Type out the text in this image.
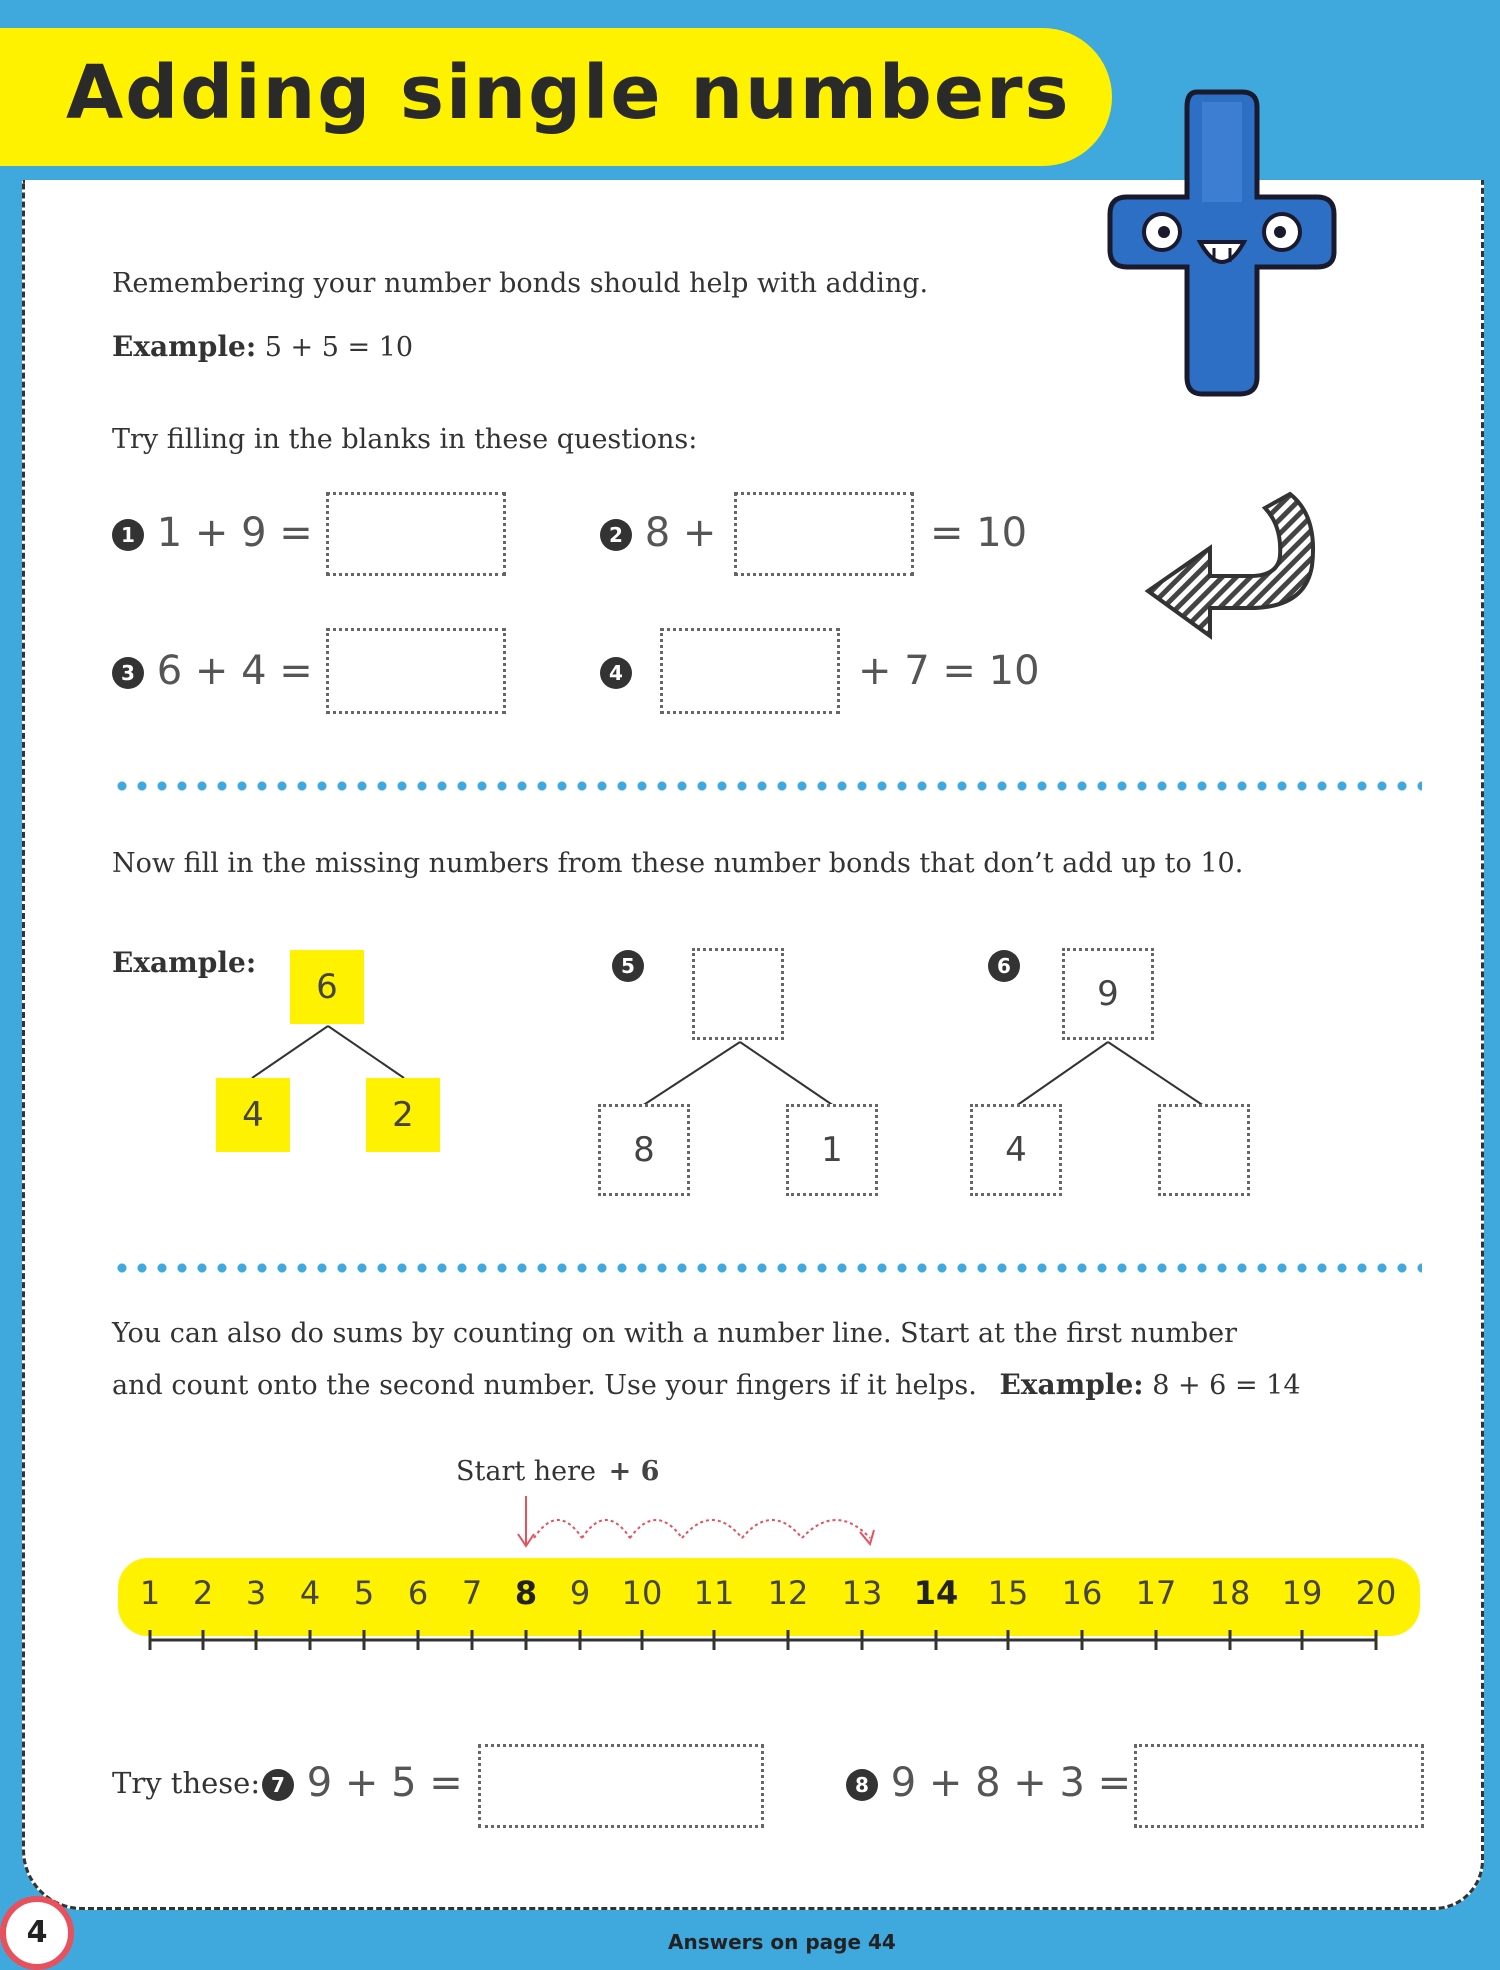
Adding single numbers
Remembering your number bonds should help with adding.
Example: 5 + 5 = 10
Try filling in the blanks in these questions:
1 1 + 9 =	2 8 +	= 10
3 6 + 4 =	4	+ 7 = 10
Now fill in the missing numbers from these number bonds that don’t add up to 10.
Example:
6
4	2
5
8	1
6
9
4
You can also do sums by counting on with a number line. Start at the first number
and count onto the second number. Use your fingers if it helps. Example: 8 + 6 = 14
Start here + 6
1	2	3	4	5	6	7	8	9 10 11	12	13 14 15	16	17	18 19	20
Try these: 7 9 + 5 =	8 9 + 8 + 3 =
4	Answers on page 44
